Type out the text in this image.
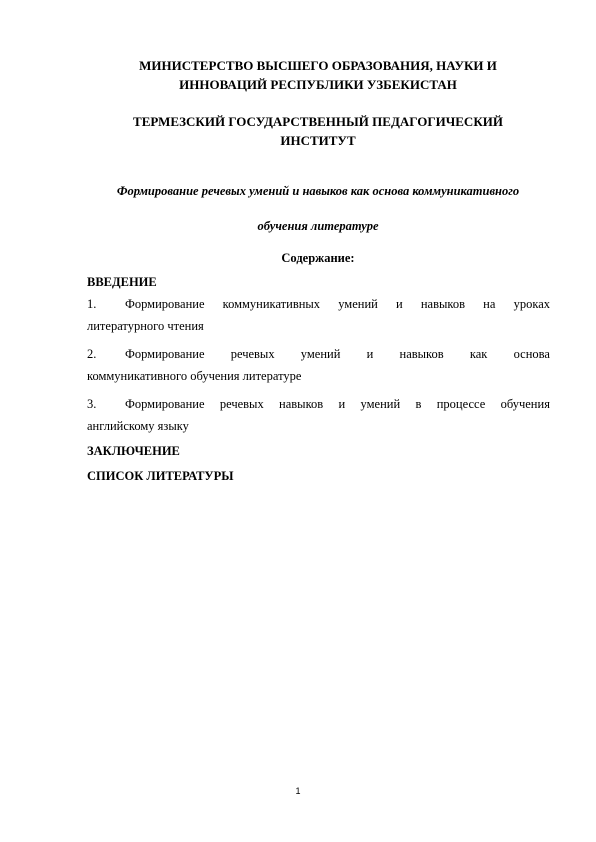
МИНИСТЕРСТВО ВЫСШЕГО ОБРАЗОВАНИЯ, НАУКИ И
ИННОВАЦИЙ РЕСПУБЛИКИ УЗБЕКИСТАН
ТЕРМЕЗСКИЙ ГОСУДАРСТВЕННЫЙ ПЕДАГОГИЧЕСКИЙ
ИНСТИТУТ
Формирование речевых умений и навыков как основа коммуникативного
обучения литературе
Содержание:
ВВЕДЕНИЕ
1. Формирование коммуникативных умений и навыков на уроках
литературного чтения
2. Формирование речевых умений и навыков как основа
коммуникативного обучения литературе
3. Формирование речевых навыков и умений в процессе обучения
английскому языку
ЗАКЛЮЧЕНИЕ
СПИСОК ЛИТЕРАТУРЫ
1
